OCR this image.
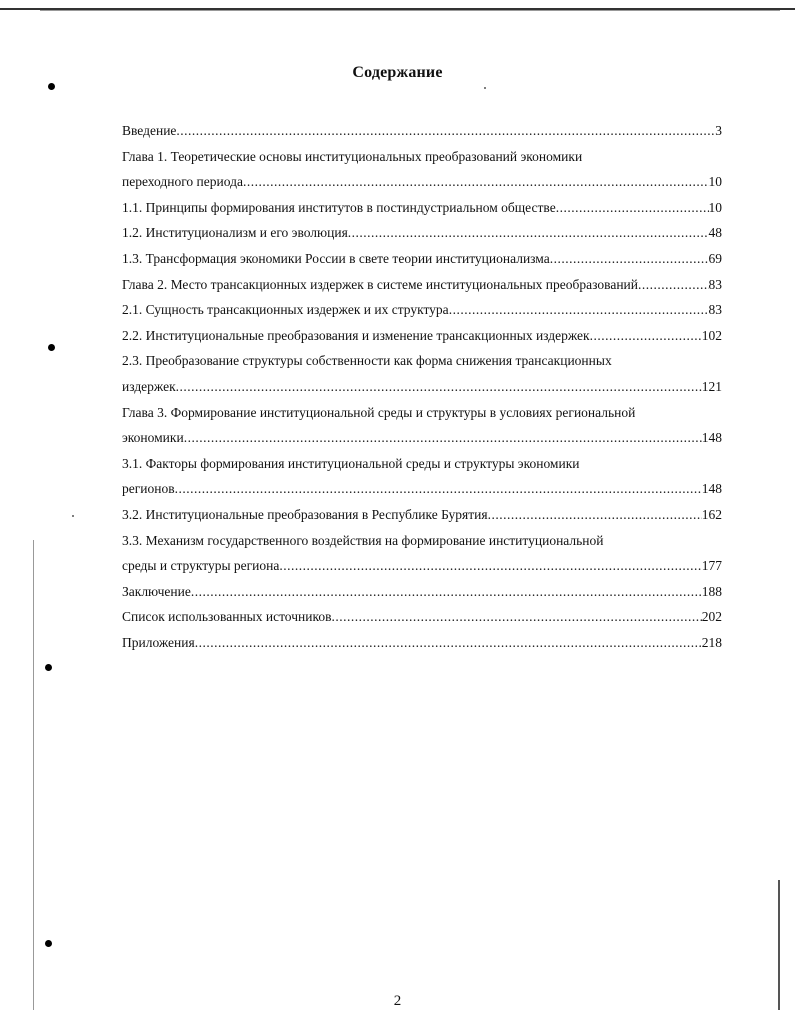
Содержание
Введение .....	3
Глава 1. Теоретические основы институциональных преобразований экономики
переходного периода .....	10
1.1. Принципы формирования институтов в постиндустриальном обществе .....	10
1.2. Институционализм и его эволюция .....	48
1.3. Трансформация экономики России в свете теории институционализма .....	69
Глава 2. Место трансакционных издержек в системе институциональных преобразований .....	83
2.1. Сущность трансакционных издержек и их структура .....	83
2.2. Институциональные преобразования и изменение трансакционных издержек .....	102
2.3. Преобразование структуры собственности как форма снижения трансакционных
издержек .....	121
Глава 3. Формирование институциональной среды и структуры в условиях региональной
экономики .....	148
3.1. Факторы формирования институциональной среды и структуры экономики
регионов .....	148
3.2. Институциональные преобразования в Республике Бурятия .....	162
3.3. Механизм государственного воздействия на формирование институциональной
среды и структуры региона .....	177
Заключение .....	188
Список использованных источников .....	202
Приложения .....	218
2
